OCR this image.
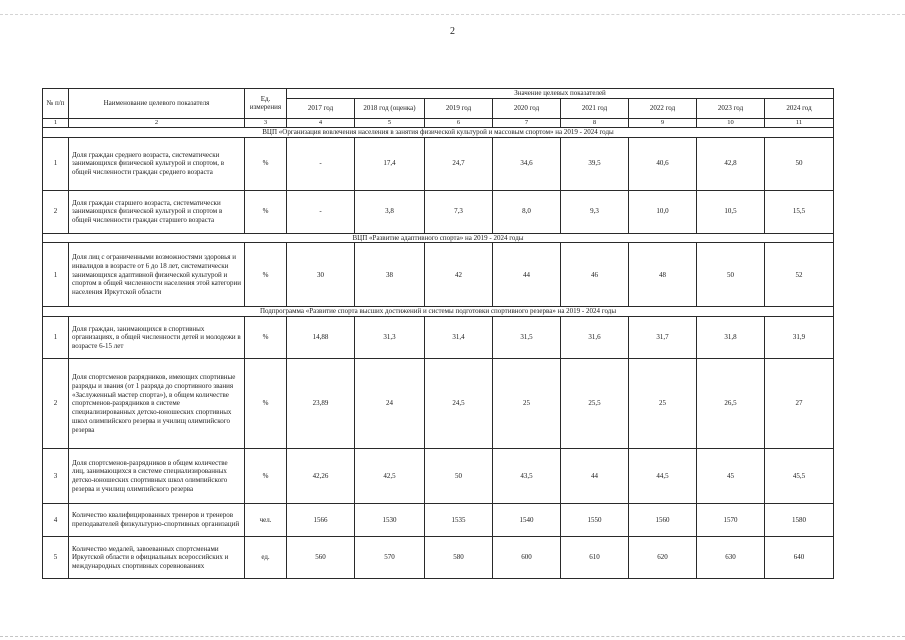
2
№ п/п	Наименование целевого показателя	Ед. измерения	Значение целевых показателей							
			2017 год	2018 год (оценка)	2019 год	2020 год	2021 год	2022 год	2023 год	2024 год

1	2	3	4	5	6	7	8	9	10	11
ВЦП «Организация вовлечения населения в занятия физической культурой и массовым спортом» на 2019 - 2024 годы										
1	Доля граждан среднего возраста, систематически занимающихся физической культурой и спортом, в общей численности граждан среднего возраста	%	-	17,4	24,7	34,6	39,5	40,6	42,8	50
2	Доля граждан старшего возраста, систематически занимающихся физической культурой и спортом в общей численности граждан старшего возраста	%	-	3,8	7,3	8,0	9,3	10,0	10,5	15,5
ВЦП «Развитие адаптивного спорта» на 2019 - 2024 годы										
1	Доля лиц с ограниченными возможностями здоровья и инвалидов в возрасте от 6 до 18 лет, систематически занимающихся адаптивной физической культурой и спортом в общей численности населения этой категории населения Иркутской области	%	30	38	42	44	46	48	50	52
Подпрограмма «Развитие спорта высших достижений и системы подготовки спортивного резерва» на 2019 - 2024 годы										
1	Доля граждан, занимающихся в спортивных организациях, в общей численности детей и молодежи в возрасте 6-15 лет	%	14,88	31,3	31,4	31,5	31,6	31,7	31,8	31,9
2	Доля спортсменов разрядников, имеющих спортивные разряды и звания (от 1 разряда до спортивного звания «Заслуженный мастер спорта»), в общем количестве спортсменов-разрядников в системе специализированных детско-юношеских спортивных школ олимпийского резерва и училищ олимпийского резерва	%	23,89	24	24,5	25	25,5	25	26,5	27
3	Доля спортсменов-разрядников в общем количестве лиц, занимающихся в системе специализированных детско-юношеских спортивных школ олимпийского резерва и училищ олимпийского резерва	%	42,26	42,5	50	43,5	44	44,5	45	45,5
4	Количество квалифицированных тренеров и тренеров преподавателей физкультурно-спортивных организаций	чел.	1566	1530	1535	1540	1550	1560	1570	1580
5	Количество медалей, завоеванных спортсменами Иркутской области в официальных всероссийских и международных спортивных соревнованиях	ед.	560	570	580	600	610	620	630	640
